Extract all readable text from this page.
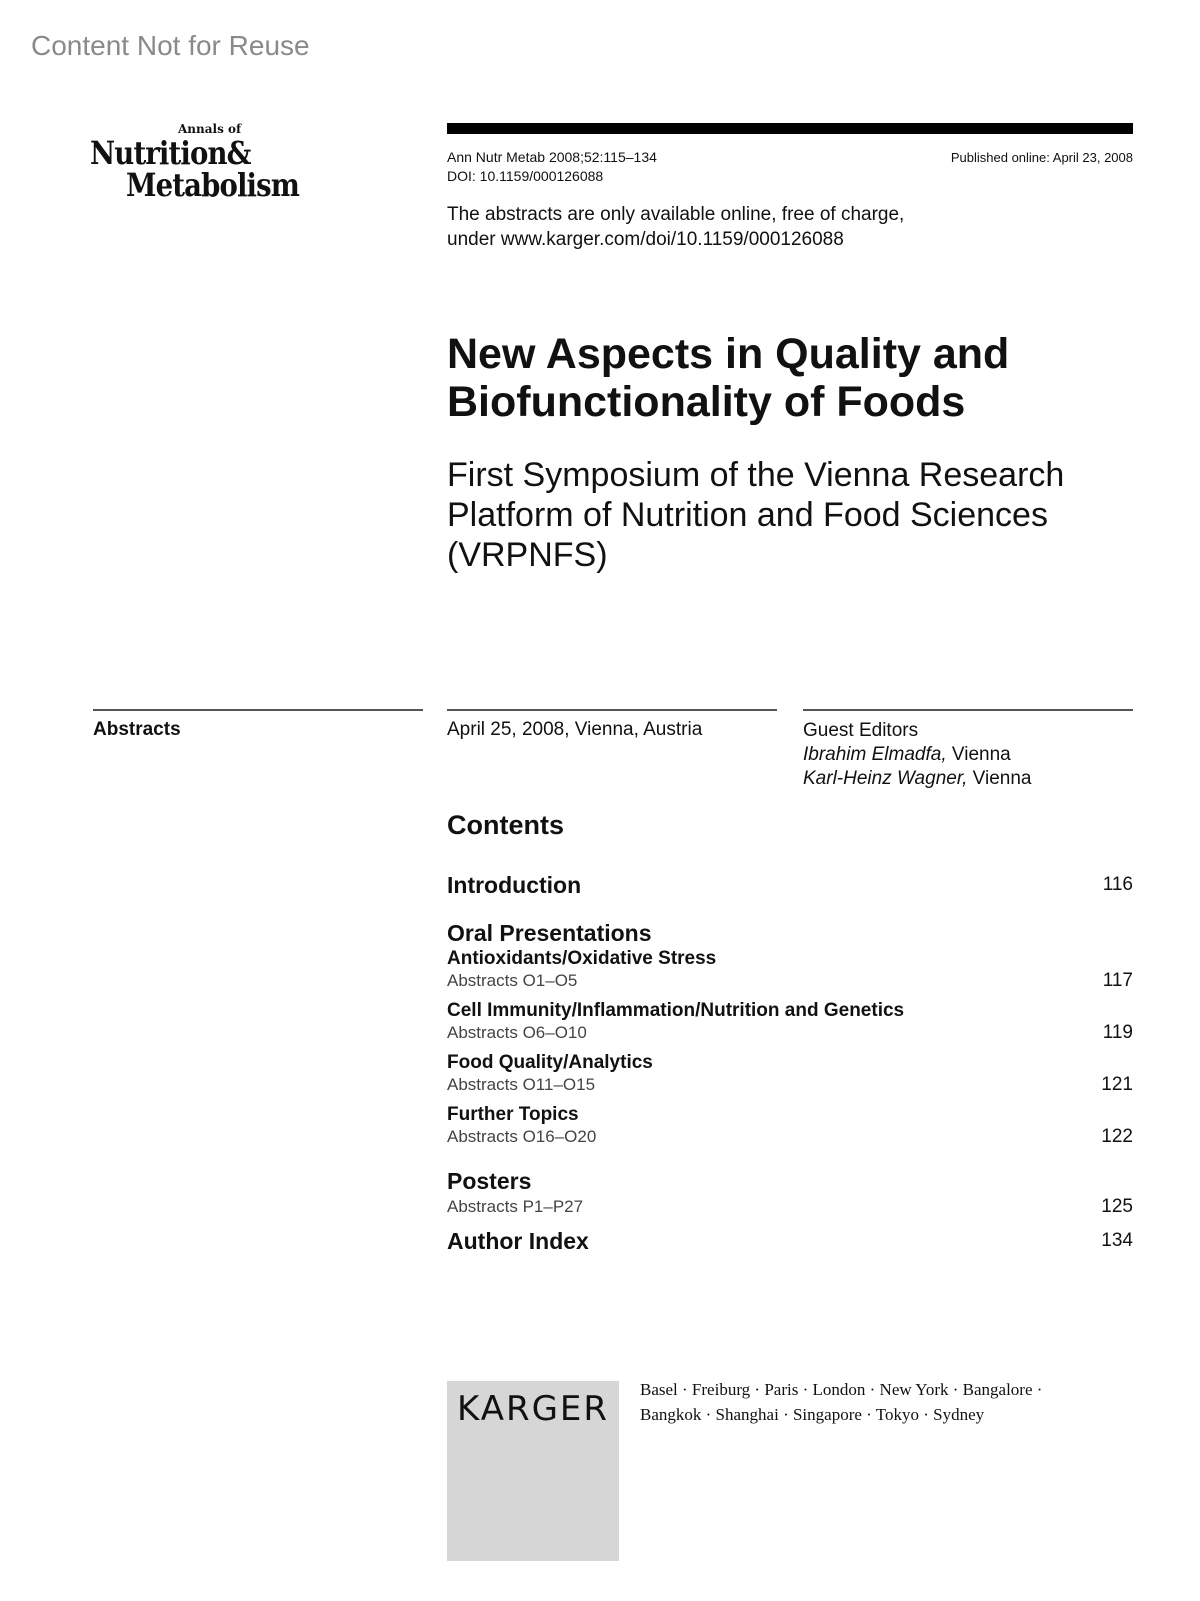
Content Not for Reuse
Annals of
Nutrition&
Metabolism
Ann Nutr Metab 2008;52:115–134
DOI: 10.1159/000126088
Published online: April 23, 2008
The abstracts are only available online, free of charge,
under www.karger.com/doi/10.1159/000126088
New Aspects in Quality and
Biofunctionality of Foods
First Symposium of the Vienna Research
Platform of Nutrition and Food Sciences
(VRPNFS)
Abstracts	April 25, 2008, Vienna, Austria	Guest Editors
Ibrahim Elmadfa, Vienna
Karl-Heinz Wagner, Vienna
Contents
Introduction	116
Oral Presentations
Antioxidants/Oxidative Stress
Abstracts O1–O5	117
Cell Immunity/Inflammation/Nutrition and Genetics
Abstracts O6–O10	119
Food Quality/Analytics
Abstracts O11–O15	121
Further Topics
Abstracts O16–O20	122
Posters
Abstracts P1–P27	125
Author Index	134
KARGER Basel · Freiburg · Paris · London · New York · Bangalore ·
Bangkok · Shanghai · Singapore · Tokyo · Sydney
